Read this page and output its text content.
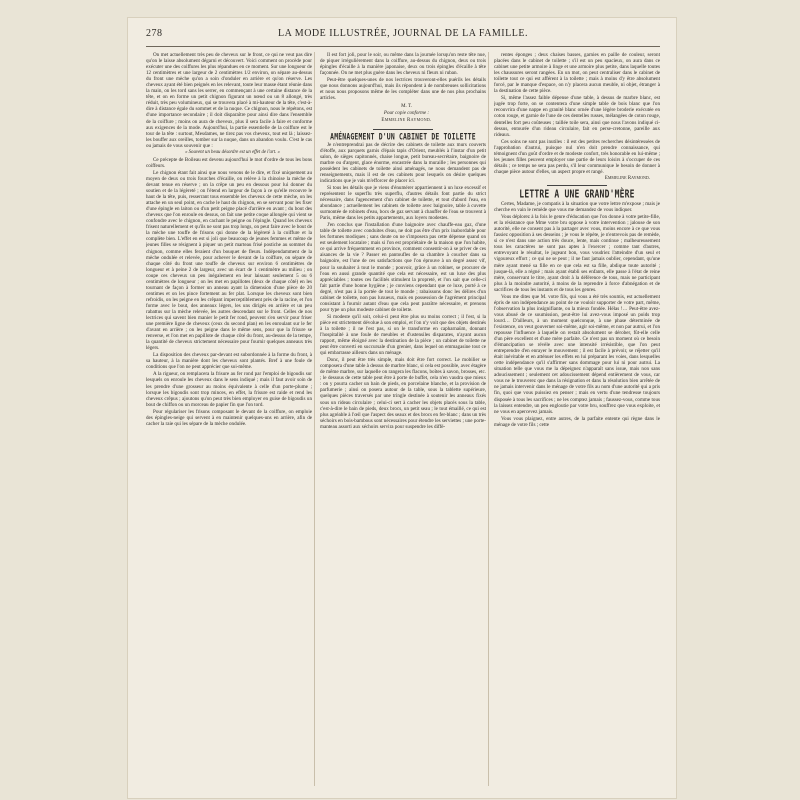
278	LA MODE ILLUSTRÉE, JOURNAL DE LA FAMILLE.

On met actuellement très peu de cheveux sur le front, ce qui ne veut pas dire qu'on le laisse absolument dégarni et découvert. Voici comment on procède pour exécuter une des coiffures les plus répandues en ce moment. Sur une longueur de 12 centimètres et une largeur de 2 centimètres 1/2 environ, on sépare au-dessus du front une mèche qu'on a soin d'onduler en arrière et qu'on réserve. Les cheveux ayant été bien peignés en les relevant, toute leur masse étant réunie dans la main, on les tord sans les serrer, en commençant à une certaine distance de la tête, et on en forme un petit chignon figurant un nœud ou un 8 allongé, très réduit, très peu volumineux, qui se trouvera placé à mi-hauteur de la tête, c'est-à-dire à distance égale du sommet et de la nuque. Ce chignon, nous le répétons, est d'une importance secondaire ; il doit disparaître pour ainsi dire dans l'ensemble de la coiffure ; moins on aura de cheveux, plus il sera facile à faire et conforme aux exigences de la mode. Aujourd'hui, la partie essentielle de la coiffure est le tour de la tête : surtout, Mesdames, ne tirez pas vos cheveux, tout est là ; laissez-les bouffer aux oreilles, tomber sur la nuque, dans un abandon voulu. C'est le cas ou jamais de vous souvenir que :

« Souvent un beau désordre est un effet de l'art. »

Ce précepte de Boileau est devenu aujourd'hui le mot d'ordre de tous les bons coiffeurs.

Le chignon étant fait ainsi que nous venons de le dire, et fixé uniquement au moyen de deux ou trois fourches d'écaille, on relève à la chinoise la mèche de devant tenue en réserve ; on la crêpe un peu en dessous pour lui donner du soutien et de la légèreté ; on l'étend en largeur de façon à ce qu'elle recouvre le haut de la tête, puis, resserrant tous ensemble les cheveux de cette mèche, on les attache en un seul point, en cache le haut du chignon, en se servant pour les fixer d'une épingle en laiton ou d'un petit peigne placé d'arrière en avant ; du bout des cheveux que l'on enroule en dessus, on fait une petite coque allongée qui vient se confondre avec le chignon, en cachant le peigne ou l'épingle. Quand les cheveux frisent naturellement et qu'ils ne sont pas trop longs, on peut faire avec le bout de la mèche une touffe de frisons qui donne de la légèreté à la coiffure et la complète bien. L'effet en est si joli que beaucoup de jeunes femmes et même de jeunes filles se résignent à piquer un petit marteau frisé postiche au sommet du chignon, comme elles feraient d'un bouquet de fleurs. Indépendamment de la mèche ondulée et relevée, pour achever le devant de la coiffure, on sépare de chaque côté du front une touffe de cheveux sur environ 6 centimètres de longueur et à peine 2 de largeur, avec un écart de 1 centimètre au milieu ; on coupe ces cheveux un peu inégalement en leur laissant seulement 5 ou 6 centimètres de longueur ; on les met en papillotes (deux de chaque côté) en les tournant de façon à former un anneau ayant la dimension d'une pièce de 20 centimes et on les pince fortement au fer plat. Lorsque les cheveux sont bien refroidis, on les peigne en les crêpant imperceptiblement près de la racine, et l'on forme avec le bout, des anneaux légers, les uns dirigés en arrière et un peu rabattus sur la mèche relevée, les autres descendant sur le front. Celles de nos lectrices qui savent bien manier le petit fer rond, peuvent s'en servir pour friser une première ligne de cheveux (ceux du second plan) en les enroulant sur le fer d'avant en arrière ; on les peigne dans le même sens, pour que la frisure se renverse, et l'on met en papillote de chaque côté du front, au-dessus de la tempe, la quantité de cheveux strictement nécessaire pour fournir quelques anneaux très légers.

La disposition des cheveux par-devant est subordonnée à la forme du front, à sa hauteur, à la manière dont les cheveux sont plantés. Bref à une foule de conditions que l'on ne peut apprécier que soi-même.

A la rigueur, on remplacera la frisure au fer rond par l'emploi de bigoudis sur lesquels on enroule les cheveux dans le sens indiqué ; mais il faut avoir soin de les prendre d'une grosseur au moins équivalente à celle d'un porte-plume ; lorsque les bigoudis sont trop minces, en effet, la frisure est raide et rend les cheveux crêpus ; ajoutons qu'on peut très bien employer en guise de bigoudis un bout de chiffon ou un morceau de papier fin que l'on tord.

Pour régulariser les frisons composant le devant de la coiffure, on emploie des épingles-neige qui servent à en maintenir quelques-uns en arrière, afin de cacher la raie qui les sépare de la mèche ondulée.

Il est fort joli, pour le soir, ou même dans la journée lorsqu'on reste tête nue, de piquer irrégulièrement dans la coiffure, au-dessus du chignon, deux ou trois épingles d'écaille à la manière japonaise, deux ou trois épingles d'écaille à tête façonnée. On ne met plus guère dans les cheveux ni fleurs ni ruban.

Peut-être quelques-unes de nos lectrices trouveront-elles puérils les détails que nous donnons aujourd'hui, mais ils répondent à de nombreuses sollicitations et nous nous proposons même de les compléter dans une de nos plus prochains articles.

M. T.

Pour copie conforme :

Emmeline Raymond.

AMÉNAGEMENT D'UN CABINET DE TOILETTE

Je n'entreprendrai pas de décrire des cabinets de toilette aux murs couverts d'étoffe, aux parquets garnis d'épais tapis d'Orient, meublés à l'instar d'un petit salon, de sièges capitonnés, chaise longue, petit bureau-secrétaire, baignoire de marbre ou d'argent, glace énorme, encastrée dans la muraille ; les personnes qui possèdent les cabinets de toilette ainsi aménagés, ne nous demandent pas de renseignements, mais il est de ces cabinets pour lesquels on désire quelques indications que je vais m'efforcer de placer ici.

Si tous les détails que je viens d'énumérer appartiennent à un luxe excessif et représentent le superflu très superflu, d'autres détails font partie du strict nécessaire, dans l'agencement d'un cabinet de toilette, et tout d'abord l'eau, en abondance ; actuellement les cabinets de toilette avec baignoire, table à cuvette surmontée de robinets d'eau, bocs de gaz servant à chauffer de l'eau se trouvent à Paris, même dans les petits appartements, aux loyers modestes.

J'en conclus que l'installation d'une baignoire avec chauffe-eau gaz, d'une table de toilette avec conduites d'eau, ne doit pas être d'un prix inabordable pour les fortunes modiques ; sans doute on ne s'imposera pas cette dépense quand on est seulement locataire ; mais si l'on est propriétaire de la maison que l'on habite, ce qui arrive fréquemment en province, comment consentir-on à se priver de ces aisances de la vie ? Passer en pantoufles de sa chambre à coucher dans sa baignoire, est l'une de ces satisfactions que l'on éprouve à un degré assez vif, pour la souhaiter à tout le monde ; pouvoir, grâce à un robinet, se procurer de l'eau en aussi grande quantité que cela est nécessaire, est un luxe des plus appréciables ; toutes ces facilités stimulent la propreté, et l'on sait que celle-ci fait partie d'une bonne hygiène ; je conviens cependant que ce luxe, porté à ce degré, n'est pas à la portée de tout le monde ; rabaissons donc les délires d'un cabinet de toilette, non pas luxueux, mais en possession de l'agrément principal consistant à fournir autant d'eau que cela peut paraître nécessaire, et prenons pour type un plus modeste cabinet de toilette.

Si modeste qu'il soit, celui-ci peut être plus ou moins correct ; il l'est, si la pièce est strictement dévolue à son emploi, et l'on n'y voit que des objets destinés à la toilette ; il ne l'est pas, si on le transforme en capharnaüm, donnant l'hospitalité à une foule de meubles et d'ustensiles disparates, n'ayant aucun rapport, même éloigné avec la destination de la pièce ; un cabinet de toilette ne peut être converti en succursale d'un grenier, dans lequel on emmagasine tout ce qui embarrasse ailleurs dans un ménage.

Donc, il peut être très simple, mais doit être fort correct. Le mobilier se composera d'une table à dessus de marbre blanc, si cela est possible, avec étagère de même marbre, sur laquelle on rangera les flacons, boîtes à savon, brosses, etc. ; le dessous de cette table peut être à porte de buffet, cela n'en vaudra que mieux : on y pourra cacher un bain de pieds, en porcelaine blanche, et la provision de parfumerie ; ainsi on posera autour de la table, sous la tablette supérieure, quelques pièces traversés par une tringle destinée à soutenir les anneaux fixés sous un rideau circulaire ; celui-ci sert à cacher les objets placés sous la table, c'est-à-dire le bain de pieds, deux brocs, un petit seau ; le tout émaillé, ce qui est plus agréable à l'œil que l'aspect des seaux et des brocs en fer-blanc ; dans un très séchoirs en bois-bambous sont nécessaires pour étendre les serviettes ; une porte-manteau assorti aux séchoirs servira pour suspendre les diffé-

rentes éponges ; deux chaises basses, garnies en paille de couleur, seront placées dans le cabinet de toilette ; s'il est un peu spacieux, on aura dans ce cabinet une petite armoire à linge et une armoire plus petite, dans laquelle toutes les chaussures seront rangées. En un mot, on peut centraliser dans le cabinet de toilette tout ce qui est afférent à la toilette ; mais à moins d'y être absolument forcé, par le manque d'espace, on n'y placera aucun meuble, ni objet, étranger à la destination de cette pièce.

Si, même l'assez faible dépense d'une table, à dessus de marbre blanc, est jugée trop forte, on se contentera d'une simple table de bois blanc que l'on recouvrira d'une nappe en granité blanc ornée d'une légère broderie exécutée en coton rouge, et garnie de l'une de ces dentelles russes, mélangées de coton rouge, dentelles fort peu coûteuses ; taillée toile sera, ainsi que nous l'avons indiqué ci-dessus, entourée d'un rideau circulaire, fait en perse-cretonne, pareille aux rideaux.

Ces soins ne sont pas inutiles : il est des petites recherches désintéressées de l'approbation d'autrui, puisque nul n'en doit prendre connaissance, qui témoignent d'un goût d'ordre et de modeste confort, très honorable en lui-même ; les jeunes filles peuvent employer une partie de leurs loisirs à s'occuper de ces détails ; ce temps ne sera pas perdu, s'il leur communique le besoin de donner à chaque pièce autour d'elles, un aspect propre et rangé.

Emmeline Raymond.

LETTRE A UNE GRAND'MÈRE

Certes, Madame, je compatis à la situation que votre lettre m'expose ; mais je cherche en vain le remède que vous me demandez de vous indiquer.

Vous déplorez à la fois le genre d'éducation que l'on donne à votre petite-fille, et la résistance que Mme votre bru oppose à votre intervention ; jalouse de son autorité, elle ne consent pas à la partager avec vous, moins encore à ce que vous fassiez opposition à ses desseins ; je vous le répète, je n'entrevois pas de remède, si ce n'est dans une action très douce, lente, mais continue ; malheureusement tous les caractères ne sont pas aptes à l'exercer ; comme tant d'autres, entrevoyant le résultat, le jugeant bon, vous voudriez l'atteindre d'un seul et vigoureux effort ; ce qui ne se peut ; il ne faut jamais oublier, cependant, qu'une mère ayant mené sa fille en ce que cela est sa fille, abdique toute autorité ; jusque-là, elle a régné ; mais ayant établi ses enfants, elle passe à l'état de reine mère, conservant le titre, ayant droit à la déférence de tous, mais ne participant plus à la moindre autorité, à moins de la reprendre à force d'abnégation et de sacrifices de tous les instants et de tous les genres.

Vous me dites que M. votre fils, qui vous a été très soumis, est actuellement épris de son indépendance au point de ne vouloir supporter de votre part, même, l'observation la plus insignifiante, ou la mieux fondée. Hélas !… Peut-être avez-vous abusé de ce soumission, peut-être lui avez-vous imposé un poids trop lourd… D'ailleurs, à un moment quelconque, à une phase déterminée de l'existence, on veut gouverner soi-même, agir soi-même, et non par autrui, et l'on repousse l'influence à laquelle on restait absolument se dérober, fût-elle celle d'un père excellent et d'une mère parfaite. Ce n'est pas un moment où ce besoin d'émancipation se révèle avec une intensité irrésistible, que l'on peut entreprendre d'en enrayer le mouvement ; il est facile à prévoir, se réjetter qu'il était inévitable et en atténuer les effets en lui préparant les voies, dans lesquelles cette indépendance qu'il s'affirmer sans dommage pour lui ni pour autrui. La situation telle que vous me la dépeignez n'apparaît sans issue, mais non sans adoucissement ; seulement cet adoucissement dépend entièrement de vous, car vous ne le trouverez que dans la résignation et dans la résolution bien arrêtée de ne jamais intervenir dans le ménage de votre fils au nom d'une autorité qui a pris fin, quoi que vous puissiez en penser ; mais en vertu d'une tendresse toujours disposée à tous les sacrifices ; ne les comptez jamais ; faussez-vous, comme tous la laissez entendre, un peu engloutie par votre bru, souffrez que vous exploite, et ne vous en apercevez jamais.

Vous vous plaignez, entre autres, de la parfaite entente qui règne dans le ménage de votre fils ; cette
